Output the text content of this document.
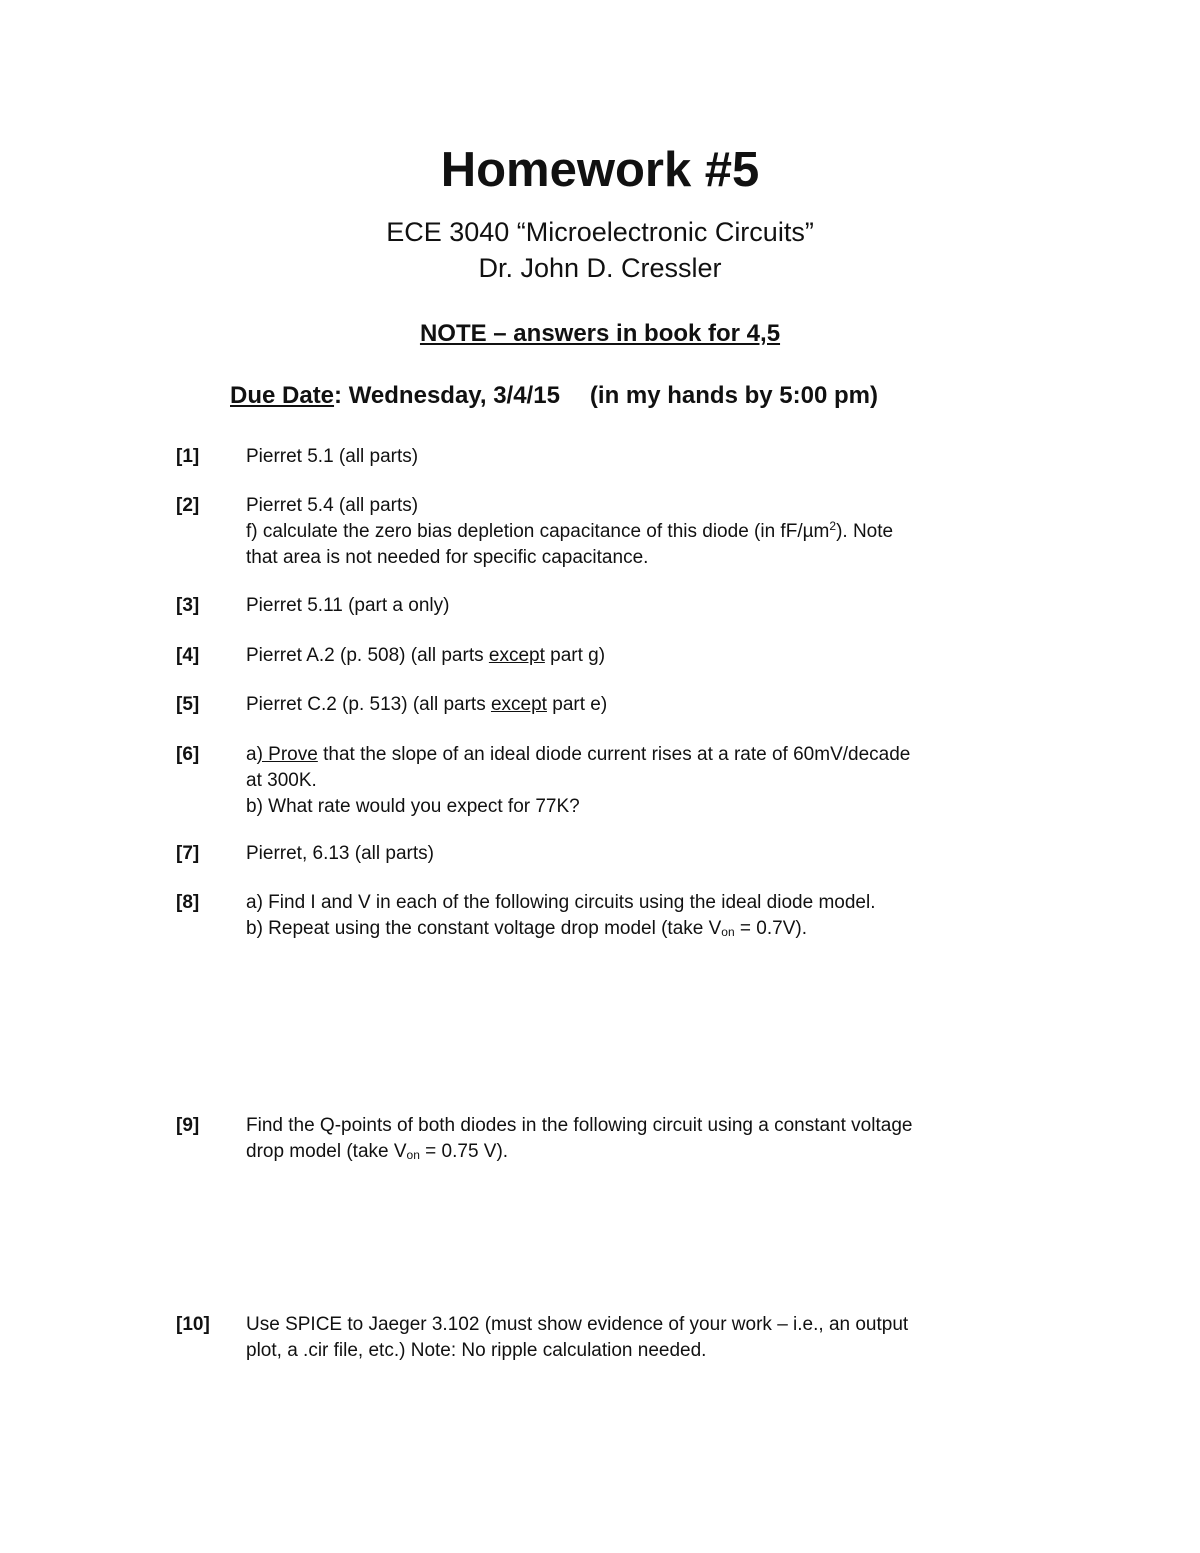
Homework #5
ECE 3040 “Microelectronic Circuits”
Dr. John D. Cressler
NOTE – answers in book for 4,5
Due Date: Wednesday, 3/4/15 (in my hands by 5:00 pm)
[1] Pierret 5.1 (all parts)
[2] Pierret 5.4 (all parts)
f) calculate the zero bias depletion capacitance of this diode (in fF/µm$^2$). Note
that area is not needed for specific capacitance.
[3] Pierret 5.11 (part a only)
[4] Pierret A.2 (p. 508) (all parts except part g)
[5] Pierret C.2 (p. 513) (all parts except part e)
[6] a) Prove that the slope of an ideal diode current rises at a rate of 60mV/decade
at 300K.
b) What rate would you expect for 77K?
[7] Pierret, 6.13 (all parts)
[8] a) Find I and V in each of the following circuits using the ideal diode model.
b) Repeat using the constant voltage drop model (take $V_{on} = 0.7V$).
[9] Find the Q-points of both diodes in the following circuit using a constant voltage
drop model (take $V_{on} = 0.75$ V).
[10] Use SPICE to Jaeger 3.102 (must show evidence of your work – i.e., an output
plot, a .cir file, etc.) Note: No ripple calculation needed.
